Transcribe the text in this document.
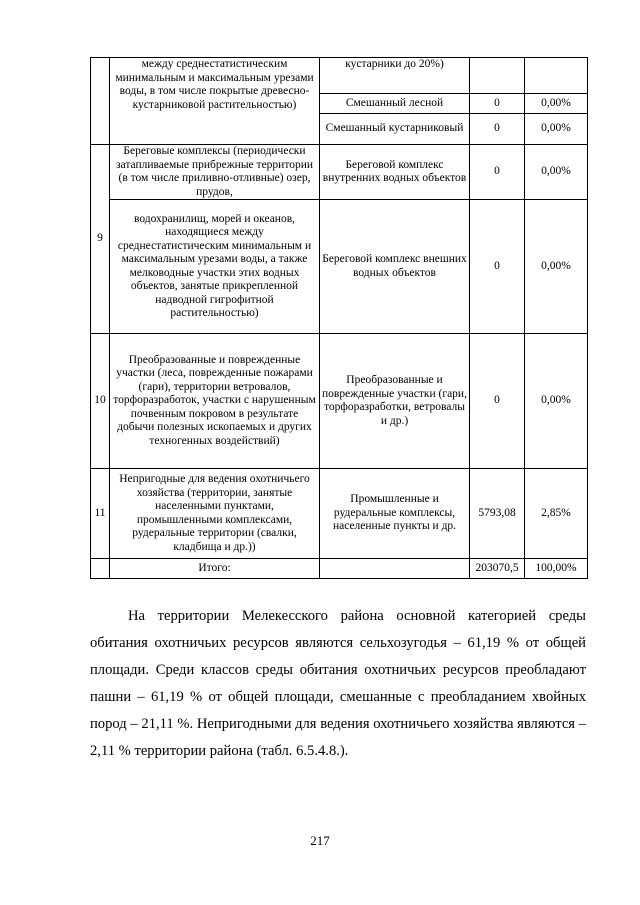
	между среднестатистическим минимальным и максимальным урезами воды, в том числе покрытые древесно-кустарниковой растительностью)	кустарники до 20%)		
		Смешанный лесной	0	0,00%
		Смешанный кустарниковый	0	0,00%
9	Береговые комплексы (периодически затапливаемые прибрежные территории (в том числе приливно-отливные) озер, прудов,	Береговой комплекс внутренних водных объектов	0	0,00%
	водохранилищ, морей и океанов, находящиеся между среднестатистическим минимальным и максимальным урезами воды, а также мелководные участки этих водных объектов, занятые прикрепленной надводной гигрофитной растительностью)	Береговой комплекс внешних водных объектов	0	0,00%
10	Преобразованные и поврежденные участки (леса, поврежденные пожарами (гари), территории ветровалов, торфоразработок, участки с нарушенным почвенным покровом в результате добычи полезных ископаемых и других техногенных воздействий)	Преобразованные и поврежденные участки (гари, торфоразработки, ветровалы и др.)	0	0,00%
11	Непригодные для ведения охотничьего хозяйства (территории, занятые населенными пунктами, промышленными комплексами, рудеральные территории (свалки, кладбища и др.))	Промышленные и рудеральные комплексы, населенные пункты и др.	5793,08	2,85%
	Итого:		203070,5	100,00%

На территории Мелекесского района основной категорией среды обитания охотничьих ресурсов являются сельхозугодья – 61,19 % от общей площади. Среди классов среды обитания охотничьих ресурсов преобладают пашни – 61,19 % от общей площади, смешанные с преобладанием хвойных пород – 21,11 %. Непригодными для ведения охотничьего хозяйства являются – 2,11 % территории района (табл. 6.5.4.8.).

217
